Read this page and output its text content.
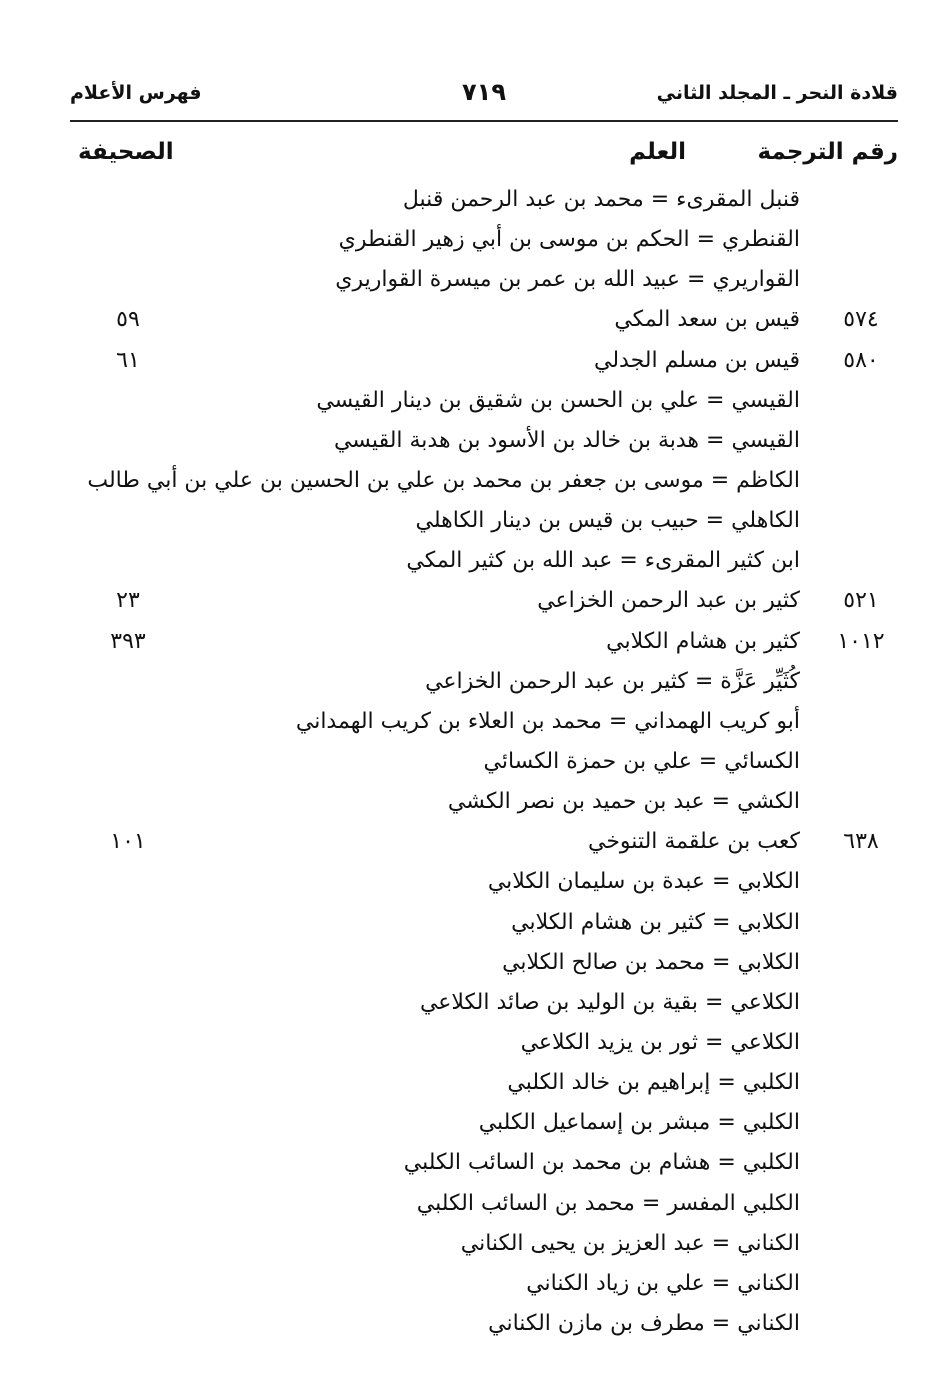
قلادة النحر ـ المجلد الثاني
٧١٩
فهرس الأعلام
رقم الترجمة
العلم
الصحيفة
قنبل المقرىء = محمد بن عبد الرحمن قنبل
القنطري = الحكم بن موسى بن أبي زهير القنطري
القواريري = عبيد الله بن عمر بن ميسرة القواريري
٥٧٤
قيس بن سعد المكي
٥٩
٥٨٠
قيس بن مسلم الجدلي
٦١
القيسي = علي بن الحسن بن شقيق بن دينار القيسي
القيسي = هدبة بن خالد بن الأسود بن هدبة القيسي
الكاظم = موسى بن جعفر بن محمد بن علي بن الحسين بن علي بن أبي طالب
الكاهلي = حبيب بن قيس بن دينار الكاهلي
ابن كثير المقرىء = عبد الله بن كثير المكي
٥٢١
كثير بن عبد الرحمن الخزاعي
٢٣
١٠١٢
كثير بن هشام الكلابي
٣٩٣
كُثَيِّر عَزَّة = كثير بن عبد الرحمن الخزاعي
أبو كريب الهمداني = محمد بن العلاء بن كريب الهمداني
الكسائي = علي بن حمزة الكسائي
الكشي = عبد بن حميد بن نصر الكشي
٦٣٨
كعب بن علقمة التنوخي
١٠١
الكلابي = عبدة بن سليمان الكلابي
الكلابي = كثير بن هشام الكلابي
الكلابي = محمد بن صالح الكلابي
الكلاعي = بقية بن الوليد بن صائد الكلاعي
الكلاعي = ثور بن يزيد الكلاعي
الكلبي = إبراهيم بن خالد الكلبي
الكلبي = مبشر بن إسماعيل الكلبي
الكلبي = هشام بن محمد بن السائب الكلبي
الكلبي المفسر = محمد بن السائب الكلبي
الكناني = عبد العزيز بن يحيى الكناني
الكناني = علي بن زياد الكناني
الكناني = مطرف بن مازن الكناني
